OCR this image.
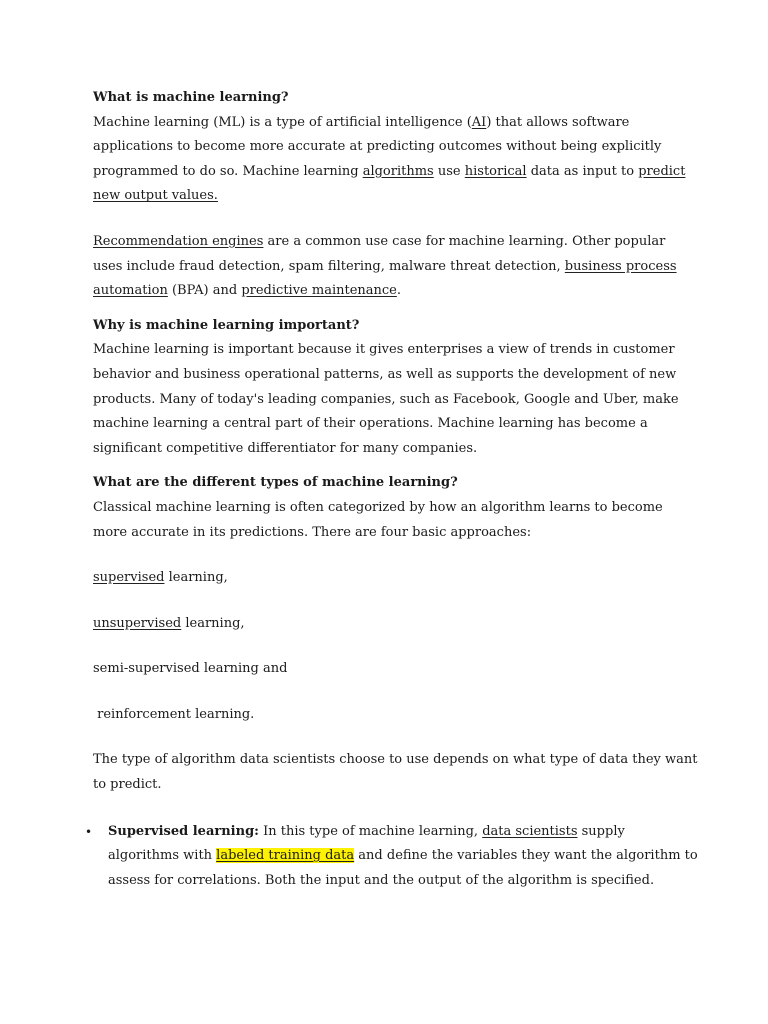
What is machine learning?

Machine learning (ML) is a type of artificial intelligence (AI) that allows software applications to become more accurate at predicting outcomes without being explicitly programmed to do so. Machine learning algorithms use historical data as input to predict new output values.

Recommendation engines are a common use case for machine learning. Other popular uses include fraud detection, spam filtering, malware threat detection, business process automation (BPA) and predictive maintenance.

Why is machine learning important?

Machine learning is important because it gives enterprises a view of trends in customer behavior and business operational patterns, as well as supports the development of new products. Many of today's leading companies, such as Facebook, Google and Uber, make machine learning a central part of their operations. Machine learning has become a significant competitive differentiator for many companies.

What are the different types of machine learning?

Classical machine learning is often categorized by how an algorithm learns to become more accurate in its predictions. There are four basic approaches:

supervised learning,

unsupervised learning,

semi-supervised learning and

reinforcement learning.

The type of algorithm data scientists choose to use depends on what type of data they want to predict.

• Supervised learning: In this type of machine learning, data scientists supply algorithms with labeled training data and define the variables they want the algorithm to assess for correlations. Both the input and the output of the algorithm is specified.
